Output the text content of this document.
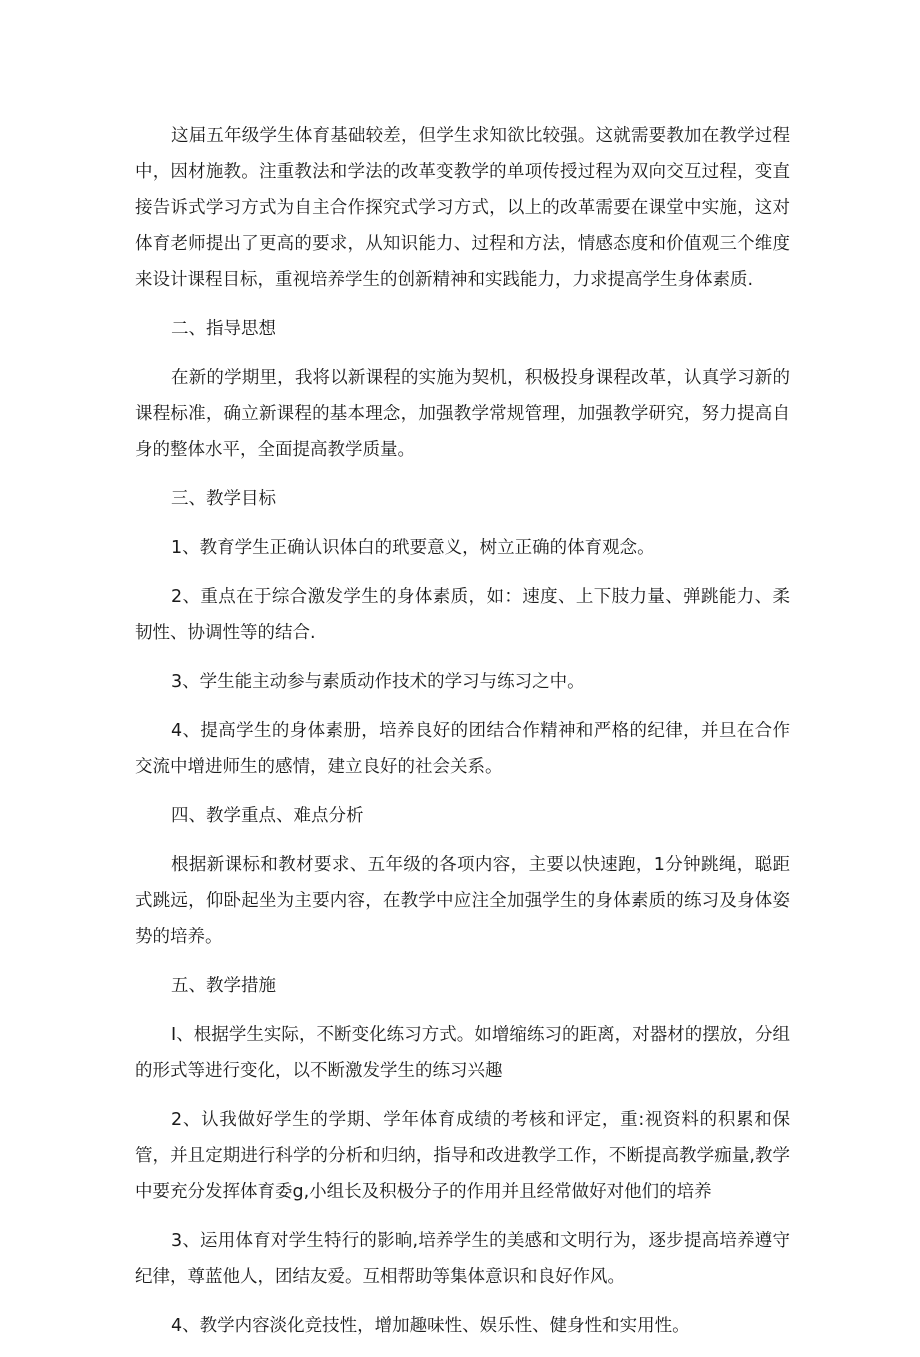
这届五年级学生体育基础较差，但学生求知欲比较强。这就需要教加在教学过程中，因材施教。注重教法和学法的改革变教学的单项传授过程为双向交互过程，变直接告诉式学习方式为自主合作探究式学习方式，以上的改革需要在课堂中实施，这对体育老师提出了更高的要求，从知识能力、过程和方法，情感态度和价值观三个维度来设计课程目标，重视培养学生的创新精神和实践能力，力求提高学生身体素质.

二、指导思想

在新的学期里，我将以新课程的实施为契机，积极投身课程改革，认真学习新的课程标准，确立新课程的基本理念，加强教学常规管理，加强教学研究，努力提高自身的整体水平，全面提高教学质量。

三、教学目标

1、教育学生正确认识体白的玳要意义，树立正确的体育观念。

2、重点在于综合激发学生的身体素质，如：速度、上下肢力量、弹跳能力、柔韧性、协调性等的结合.

3、学生能主动参与素质动作技术的学习与练习之中。

4、提高学生的身体素册，培养良好的团结合作精神和严格的纪律，并旦在合作交流中增进师生的感情，建立良好的社会关系。

四、教学重点、难点分析

根据新课标和教材要求、五年级的各项内容，主要以快速跑，1分钟跳绳，聪距式跳远，仰卧起坐为主要内容，在教学中应注全加强学生的身体素质的练习及身体姿势的培养。

五、教学措施

I、根据学生实际，不断变化练习方式。如增缩练习的距离，对器材的摆放，分组的形式等进行变化，以不断激发学生的练习兴趣

2、认我做好学生的学期、学年体育成绩的考核和评定，重:视资料的积累和保管，并且定期进行科学的分析和归纳，指导和改进教学工作，不断提高教学痂量,教学中要充分发挥体育委g,小组长及积极分子的作用并且经常做好对他们的培养

3、运用体育对学生特行的影晌,培养学生的美感和文明行为，逐步提高培养遵守纪律，尊蓝他人，团结友爱。互相帮助等集体意识和良好作风。

4、教学内容淡化竞技性，增加趣味性、娱乐性、健身性和实用性。
